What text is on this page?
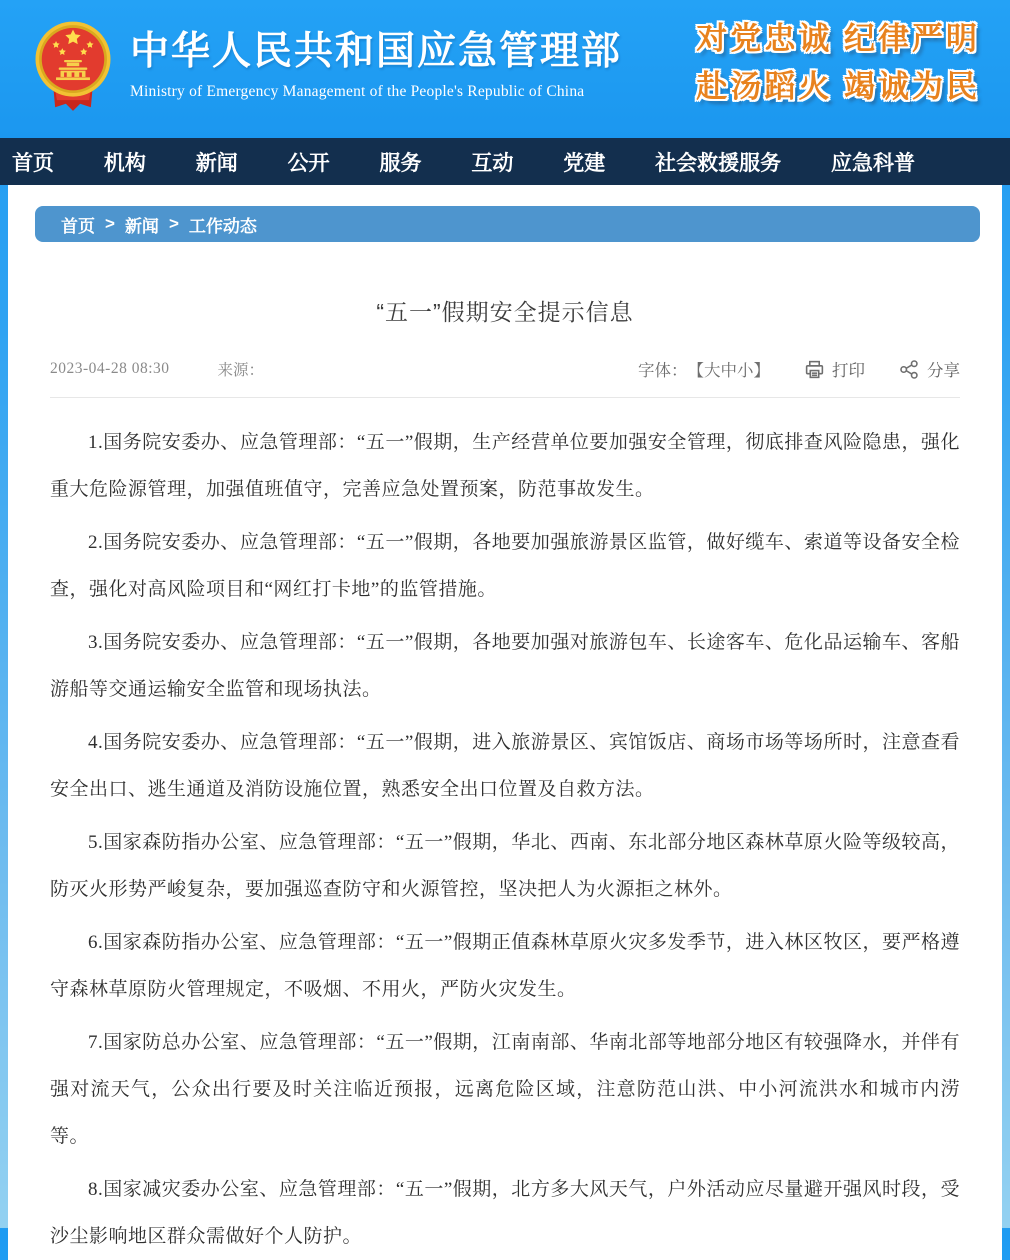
中华人民共和国应急管理部
Ministry of Emergency Management of the People's Republic of China
对党忠诚 纪律严明
赴汤蹈火 竭诚为民
首页 机构 新闻 公开 服务 互动 党建 社会救援服务 应急科普
首页 > 新闻 > 工作动态
“五一”假期安全提示信息
2023-04-28 08:30	来源：	字体： 【大中小】	打印	分享

1.国务院安委办、应急管理部：“五一”假期，生产经营单位要加强安全管理，彻底排查风险隐患，强化重大危险源管理，加强值班值守，完善应急处置预案，防范事故发生。

2.国务院安委办、应急管理部：“五一”假期，各地要加强旅游景区监管，做好缆车、索道等设备安全检查，强化对高风险项目和“网红打卡地”的监管措施。

3.国务院安委办、应急管理部：“五一”假期，各地要加强对旅游包车、长途客车、危化品运输车、客船游船等交通运输安全监管和现场执法。

4.国务院安委办、应急管理部：“五一”假期，进入旅游景区、宾馆饭店、商场市场等场所时，注意查看安全出口、逃生通道及消防设施位置，熟悉安全出口位置及自救方法。

5.国家森防指办公室、应急管理部：“五一”假期，华北、西南、东北部分地区森林草原火险等级较高，防灭火形势严峻复杂，要加强巡查防守和火源管控，坚决把人为火源拒之林外。

6.国家森防指办公室、应急管理部：“五一”假期正值森林草原火灾多发季节，进入林区牧区，要严格遵守森林草原防火管理规定，不吸烟、不用火，严防火灾发生。

7.国家防总办公室、应急管理部：“五一”假期，江南南部、华南北部等地部分地区有较强降水，并伴有强对流天气，公众出行要及时关注临近预报，远离危险区域，注意防范山洪、中小河流洪水和城市内涝等。

8.国家减灾委办公室、应急管理部：“五一”假期，北方多大风天气，户外活动应尽量避开强风时段，受沙尘影响地区群众需做好个人防护。
